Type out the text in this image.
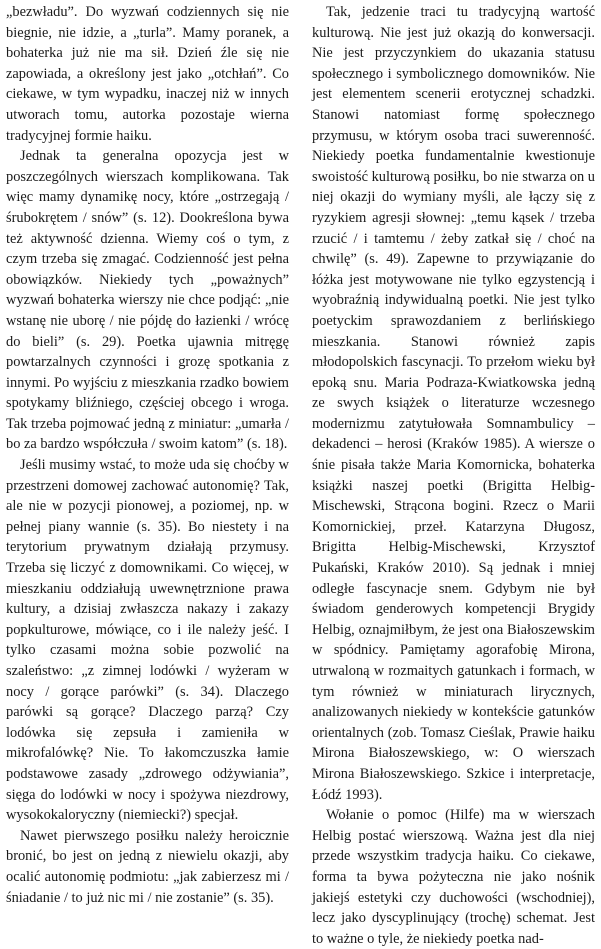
„bezwładu”. Do wyzwań codziennych się nie biegnie, nie idzie, a „turla”. Mamy poranek, a bohaterka już nie ma sił. Dzień źle się nie zapowiada, a określony jest jako „otchłań”. Co ciekawe, w tym wypadku, inaczej niż w innych utworach tomu, autorka pozostaje wierna tradycyjnej formie haiku.

Jednak ta generalna opozycja jest w poszczególnych wierszach komplikowana. Tak więc mamy dynamikę nocy, które „ostrzegają / śrubokrętem / snów” (s. 12). Dookreślona bywa też aktywność dzienna. Wiemy coś o tym, z czym trzeba się zmagać. Codzienność jest pełna obowiązków. Niekiedy tych „poważnych” wyzwań bohaterka wierszy nie chce podjąć: „nie wstanę nie uborę / nie pójdę do łazienki / wrócę do bieli” (s. 29). Poetka ujawnia mitręgę powtarzalnych czynności i grozę spotkania z innymi. Po wyjściu z mieszkania rzadko bowiem spotykamy bliźniego, częściej obcego i wroga. Tak trzeba pojmować jedną z miniatur: „umarła / bo za bardzo współczuła / swoim katom” (s. 18).

Jeśli musimy wstać, to może uda się choćby w przestrzeni domowej zachować autonomię? Tak, ale nie w pozycji pionowej, a poziomej, np. w pełnej piany wannie (s. 35). Bo niestety i na terytorium prywatnym działają przymusy. Trzeba się liczyć z domownikami. Co więcej, w mieszkaniu oddziałują uwewnętrznione prawa kultury, a dzisiaj zwłaszcza nakazy i zakazy popkulturowe, mówiące, co i ile należy jeść. I tylko czasami można sobie pozwolić na szaleństwo: „z zimnej lodówki / wyżeram w nocy / gorące parówki” (s. 34). Dlaczego parówki są gorące? Dlaczego parzą? Czy lodówka się zepsuła i zamieniła w mikrofalówkę? Nie. To łakomczuszka łamie podstawowe zasady „zdrowego odżywiania”, sięga do lodówki w nocy i spożywa niezdrowy, wysokokaloryczny (niemiecki?) specjał.

Nawet pierwszego posiłku należy heroicznie bronić, bo jest on jedną z niewielu okazji, aby ocalić autonomię podmiotu: „jak zabierzesz mi / śniadanie / to już nic mi / nie zostanie” (s. 35).

Tak, jedzenie traci tu tradycyjną wartość kulturową. Nie jest już okazją do konwersacji. Nie jest przyczynkiem do ukazania statusu społecznego i symbolicznego domowników. Nie jest elementem scenerii erotycznej schadzki. Stanowi natomiast formę społecznego przymusu, w którym osoba traci suwerenność. Niekiedy poetka fundamentalnie kwestionuje swoistość kulturową posiłku, bo nie stwarza on u niej okazji do wymiany myśli, ale łączy się z ryzykiem agresji słownej: „temu kąsek / trzeba rzucić / i tamtemu / żeby zatkał się / choć na chwilę” (s. 49). Zapewne to przywiązanie do łóżka jest motywowane nie tylko egzystencją i wyobraźnią indywidualną poetki. Nie jest tylko poetyckim sprawozdaniem z berlińskiego mieszkania. Stanowi również zapis młodopolskich fascynacji. To przełom wieku był epoką snu. Maria Podraza-Kwiatkowska jedną ze swych książek o literaturze wczesnego modernizmu zatytułowała Somnambulicy – dekadenci – herosi (Kraków 1985). A wiersze o śnie pisała także Maria Komornicka, bohaterka książki naszej poetki (Brigitta Helbig-Mischewski, Strącona bogini. Rzecz o Marii Komornickiej, przeł. Katarzyna Długosz, Brigitta Helbig-Mischewski, Krzysztof Pukański, Kraków 2010). Są jednak i mniej odległe fascynacje snem. Gdybym nie był świadom genderowych kompetencji Brygidy Helbig, oznajmiłbym, że jest ona Białoszewskim w spódnicy. Pamiętamy agorafobię Mirona, utrwaloną w rozmaitych gatunkach i formach, w tym również w miniaturach lirycznych, analizowanych niekiedy w kontekście gatunków orientalnych (zob. Tomasz Cieślak, Prawie haiku Mirona Białoszewskiego, w: O wierszach Mirona Białoszewskiego. Szkice i interpretacje, Łódź 1993).

Wołanie o pomoc (Hilfe) ma w wierszach Helbig postać wierszową. Ważna jest dla niej przede wszystkim tradycja haiku. Co ciekawe, forma ta bywa pożyteczna nie jako nośnik jakiejś estetyki czy duchowości (wschodniej), lecz jako dyscyplinujący (trochę) schemat. Jest to ważne o tyle, że niekiedy poetka nad-
